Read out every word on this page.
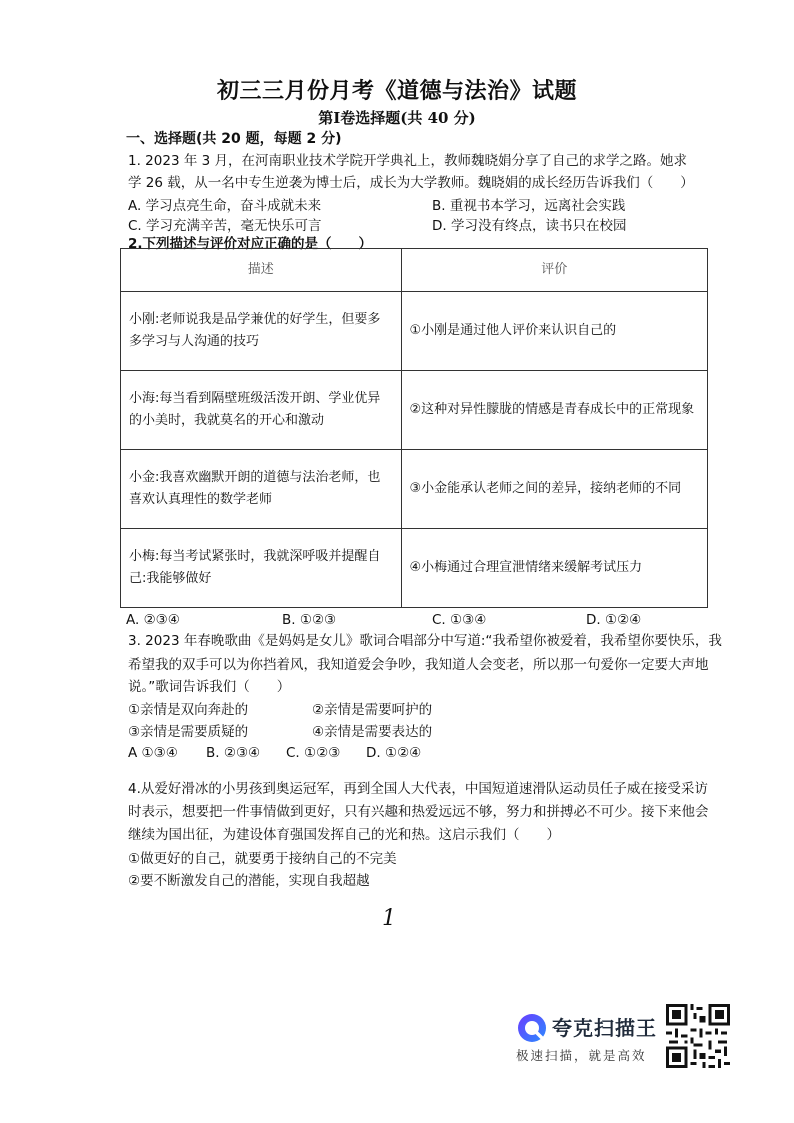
初三三月份月考《道德与法治》试题
第Ⅰ卷选择题(共 40 分)
一、选择题(共 20 题，每题 2 分)
1. 2023 年 3 月，在河南职业技术学院开学典礼上，教师魏晓娟分享了自己的求学之路。她求学 26 载，从一名中专生逆袭为博士后，成长为大学教师。魏晓娟的成长经历告诉我们（　　）
A. 学习点亮生命，奋斗成就未来	B. 重视书本学习，远离社会实践
C. 学习充满辛苦，毫无快乐可言	D. 学习没有终点，读书只在校园
2.下列描述与评价对应正确的是（　　）
描述	评价
小刚:老师说我是品学兼优的好学生，但要多多学习与人沟通的技巧	①小刚是通过他人评价来认识自己的
小海:每当看到隔壁班级活泼开朗、学业优异的小美时，我就莫名的开心和激动	②这种对异性朦胧的情感是青春成长中的正常现象
小金:我喜欢幽默开朗的道德与法治老师，也喜欢认真理性的数学老师	③小金能承认老师之间的差异，接纳老师的不同
小梅:每当考试紧张时，我就深呼吸并提醒自己:我能够做好	④小梅通过合理宣泄情绪来缓解考试压力
A. ②③④	B. ①②③	C. ①③④	D. ①②④
3. 2023 年春晚歌曲《是妈妈是女儿》歌词合唱部分中写道:“我希望你被爱着，我希望你要快乐，我
希望我的双手可以为你挡着风，我知道爱会争吵，我知道人会变老，所以那一句爱你一定要大声地
说。”歌词告诉我们（　　）
①亲情是双向奔赴的	②亲情是需要呵护的
③亲情是需要质疑的	④亲情是需要表达的
A ①③④ B. ②③④ C. ①②③ D. ①②④
4.从爱好滑冰的小男孩到奥运冠军，再到全国人大代表，中国短道速滑队运动员任子威在接受采访
时表示，想要把一件事情做到更好，只有兴趣和热爱远远不够，努力和拼搏必不可少。接下来他会
继续为国出征，为建设体育强国发挥自己的光和热。这启示我们（　　）
①做更好的自己，就要勇于接纳自己的不完美
②要不断激发自己的潜能，实现自我超越
1
夸克扫描王
极速扫描，就是高效
